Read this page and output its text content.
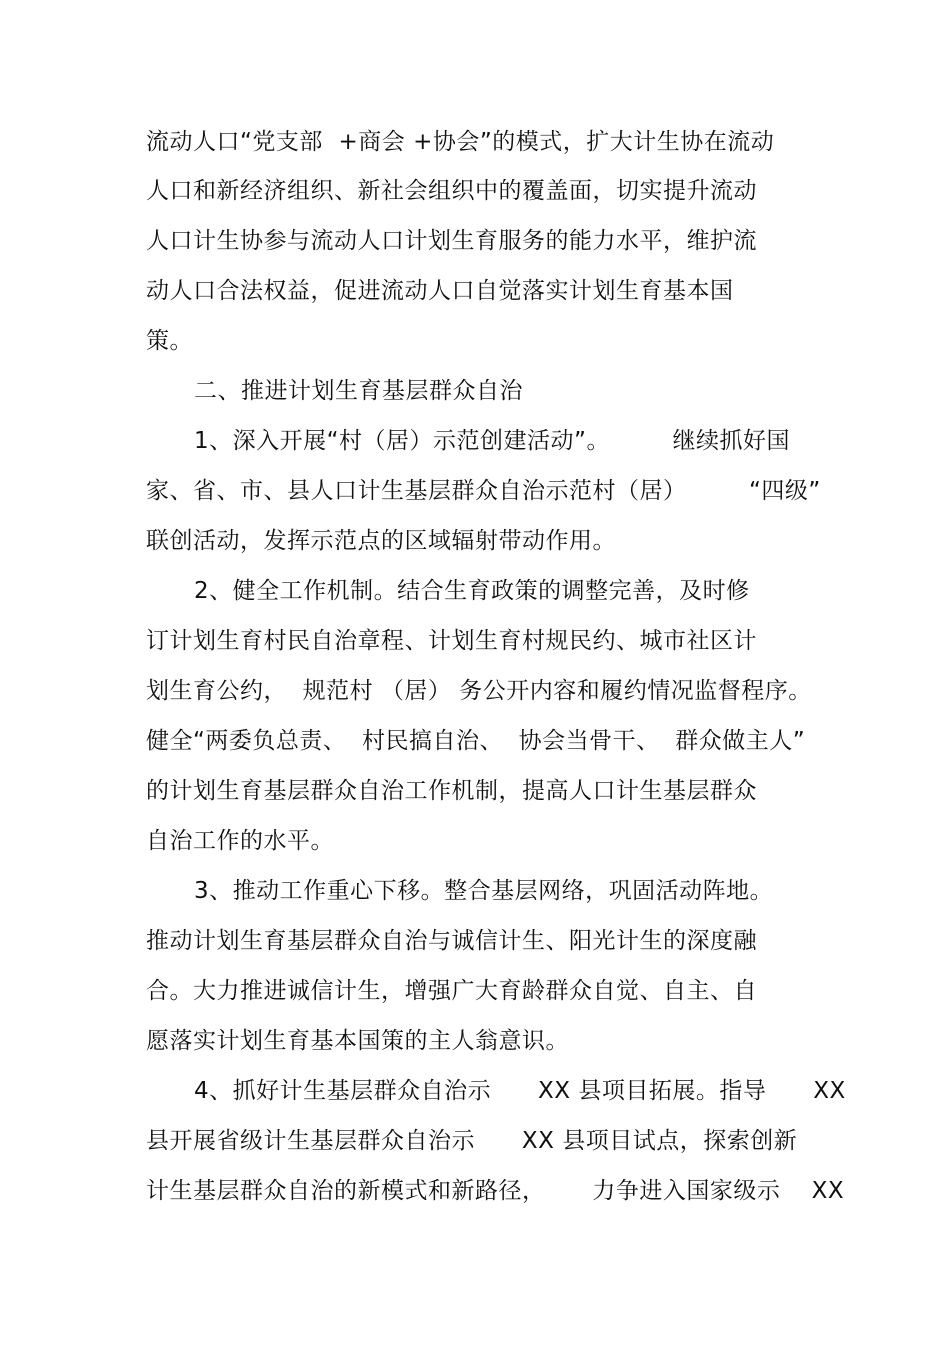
流动人口“党支部  +商会 +协会”的模式，扩大计生协在流动
人口和新经济组织、新社会组织中的覆盖面，切实提升流动
人口计生协参与流动人口计划生育服务的能力水平，维护流
动人口合法权益，促进流动人口自觉落实计划生育基本国
策。
二、推进计划生育基层群众自治
1、深入开展“村（居）示范创建活动”。        继续抓好国
家、省、市、县人口计生基层群众自治示范村（居）        “四级”
联创活动，发挥示范点的区域辐射带动作用。
2、健全工作机制。结合生育政策的调整完善，及时修
订计划生育村民自治章程、计划生育村规民约、城市社区计
划生育公约，  规范村 （居） 务公开内容和履约情况监督程序。
健全“两委负总责、  村民搞自治、  协会当骨干、  群众做主人”
的计划生育基层群众自治工作机制，提高人口计生基层群众
自治工作的水平。
3、推动工作重心下移。整合基层网络，巩固活动阵地。
推动计划生育基层群众自治与诚信计生、阳光计生的深度融
合。大力推进诚信计生，增强广大育龄群众自觉、自主、自
愿落实计划生育基本国策的主人翁意识。
4、抓好计生基层群众自治示      XX 县项目拓展。指导      XX
县开展省级计生基层群众自治示      XX 县项目试点，探索创新
计生基层群众自治的新模式和新路径，      力争进入国家级示    XX
